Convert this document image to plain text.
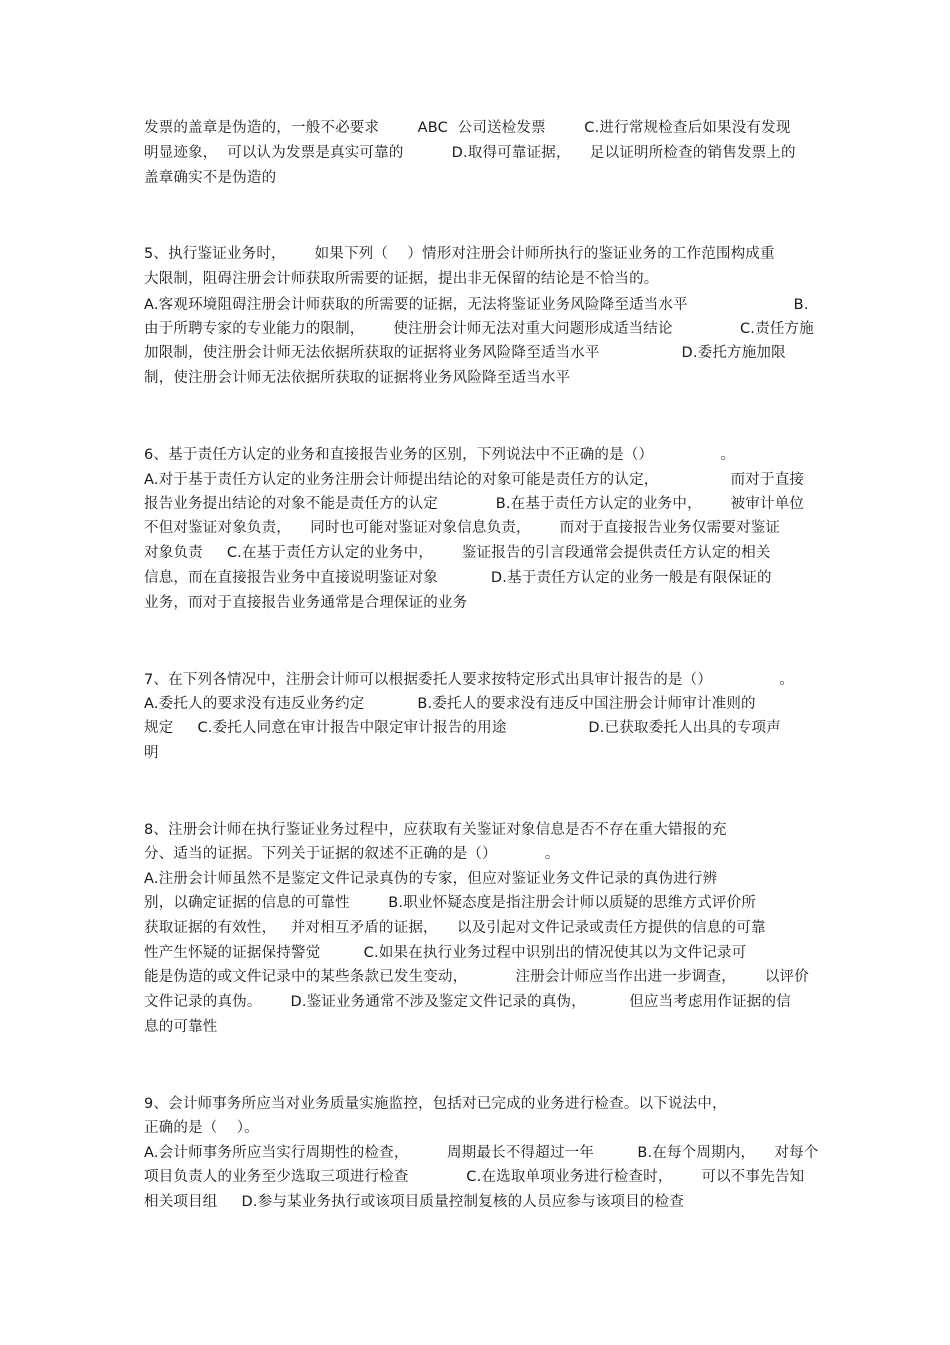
发票的盖章是伪造的，一般不必要求        ABC  公司送检发票        C.进行常规检查后如果没有发现
明显迹象，  可以认为发票是真实可靠的          D.取得可靠证据，    足以证明所检查的销售发票上的
盖章确实不是伪造的
5、执行鉴证业务时，      如果下列（    ）情形对注册会计师所执行的鉴证业务的工作范围构成重
大限制，阻碍注册会计师获取所需要的证据，提出非无保留的结论是不恰当的。
A.客观环境阻碍注册会计师获取的所需要的证据，无法将鉴证业务风险降至适当水平                      B.
由于所聘专家的专业能力的限制，      使注册会计师无法对重大问题形成适当结论              C.责任方施
加限制，使注册会计师无法依据所获取的证据将业务风险降至适当水平                 D.委托方施加限
制，使注册会计师无法依据所获取的证据将业务风险降至适当水平
6、基于责任方认定的业务和直接报告业务的区别，下列说法中不正确的是（）              。
A.对于基于责任方认定的业务注册会计师提出结论的对象可能是责任方的认定，               而对于直接
报告业务提出结论的对象不能是责任方的认定            B.在基于责任方认定的业务中，      被审计单位
不但对鉴证对象负责，    同时也可能对鉴证对象信息负责，      而对于直接报告业务仅需要对鉴证
对象负责     C.在基于责任方认定的业务中，      鉴证报告的引言段通常会提供责任方认定的相关
信息，而在直接报告业务中直接说明鉴证对象           D.基于责任方认定的业务一般是有限保证的
业务，而对于直接报告业务通常是合理保证的业务
7、在下列各情况中，注册会计师可以根据委托人要求按特定形式出具审计报告的是（）              。
A.委托人的要求没有违反业务约定           B.委托人的要求没有违反中国注册会计师审计准则的
规定     C.委托人同意在审计报告中限定审计报告的用途                 D.已获取委托人出具的专项声
明
8、注册会计师在执行鉴证业务过程中，应获取有关鉴证对象信息是否不存在重大错报的充
分、适当的证据。下列关于证据的叙述不正确的是（）          。
A.注册会计师虽然不是鉴定文件记录真伪的专家，但应对鉴证业务文件记录的真伪进行辨
别，以确定证据的信息的可靠性        B.职业怀疑态度是指注册会计师以质疑的思维方式评价所
获取证据的有效性，   并对相互矛盾的证据，    以及引起对文件记录或责任方提供的信息的可靠
性产生怀疑的证据保持警觉         C.如果在执行业务过程中识别出的情况使其以为文件记录可
能是伪造的或文件记录中的某些条款已发生变动，          注册会计师应当作出进一步调查，      以评价
文件记录的真伪。      D.鉴证业务通常不涉及鉴定文件记录的真伪，         但应当考虑用作证据的信
息的可靠性
9、会计师事务所应当对业务质量实施监控，包括对已完成的业务进行检查。以下说法中，
正确的是（    ）。
A.会计师事务所应当实行周期性的检查，        周期最长不得超过一年         B.在每个周期内，    对每个
项目负责人的业务至少选取三项进行检查            C.在选取单项业务进行检查时，      可以不事先告知
相关项目组     D.参与某业务执行或该项目质量控制复核的人员应参与该项目的检查
